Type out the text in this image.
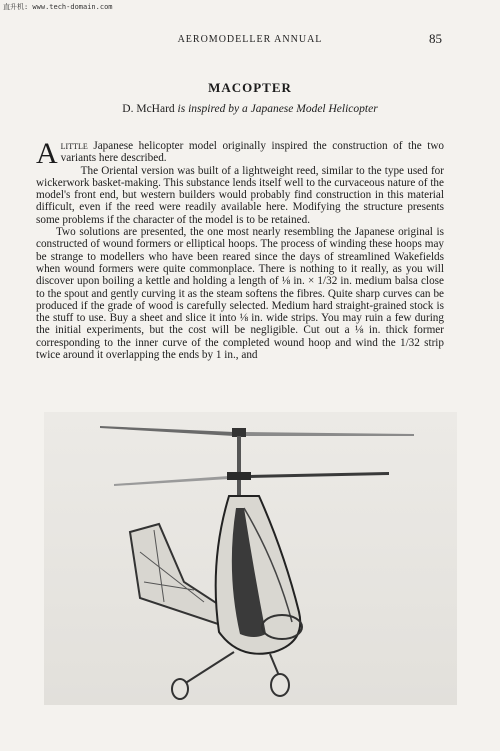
直升机: www.tech-domain.com
AEROMODELLER ANNUAL	85
MACOPTER
D. McHard is inspired by a Japanese Model Helicopter

Alittle Japanese helicopter model originally inspired the construction of the two variants here described.

The Oriental version was built of a lightweight reed, similar to the type used for wickerwork basket-making. This substance lends itself well to the curvaceous nature of the model's front end, but western builders would probably find construction in this material difficult, even if the reed were readily available here. Modifying the structure presents some problems if the character of the model is to be retained.

Two solutions are presented, the one most nearly resembling the Japanese original is constructed of wound formers or elliptical hoops. The process of winding these hoops may be strange to modellers who have been reared since the days of streamlined Wakefields when wound formers were quite commonplace. There is nothing to it really, as you will discover upon boiling a kettle and holding a length of ⅛ in. × 1/32 in. medium balsa close to the spout and gently curving it as the steam softens the fibres. Quite sharp curves can be produced if the grade of wood is carefully selected. Medium hard straight-grained stock is the stuff to use. Buy a sheet and slice it into ⅛ in. wide strips. You may ruin a few during the initial experiments, but the cost will be negligible. Cut out a ⅛ in. thick former corresponding to the inner curve of the completed wound hoop and wind the 1/32 strip twice around it overlapping the ends by 1 in., and
